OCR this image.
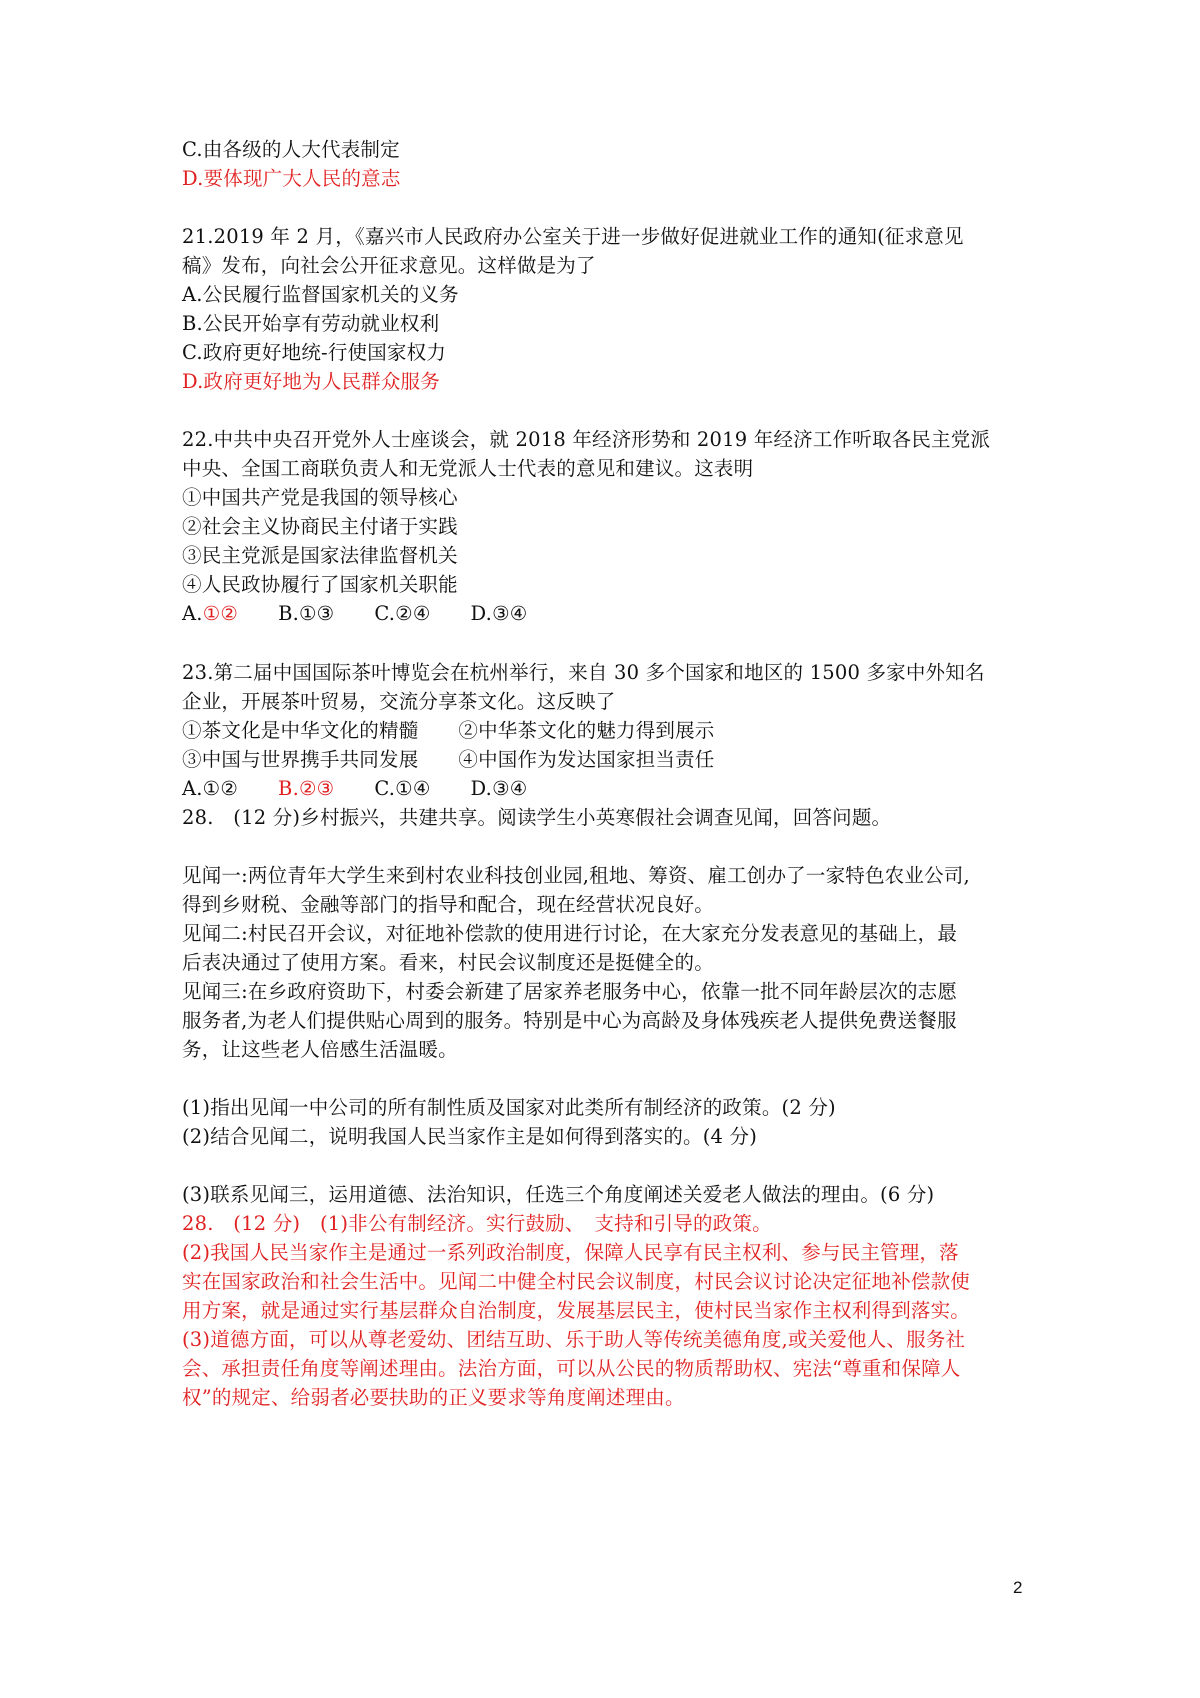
C.由各级的人大代表制定
D.要体现广大人民的意志
21.2019 年 2 月，《嘉兴市人民政府办公室关于进一步做好促进就业工作的通知(征求意见
稿》发布，向社会公开征求意见。这样做是为了
A.公民履行监督国家机关的义务
B.公民开始享有劳动就业权利
C.政府更好地统-行使国家权力
D.政府更好地为人民群众服务
22.中共中央召开党外人士座谈会，就 2018 年经济形势和 2019 年经济工作听取各民主党派
中央、全国工商联负责人和无党派人士代表的意见和建议。这表明
①中国共产党是我国的领导核心
②社会主义协商民主付诸于实践
③民主党派是国家法律监督机关
④人民政协履行了国家机关职能
A.①② B.①③ C.②④ D.③④
23.第二届中国国际茶叶博览会在杭州举行，来自 30 多个国家和地区的 1500 多家中外知名
企业，开展茶叶贸易，交流分享茶文化。这反映了
①茶文化是中华文化的精髓 ②中华茶文化的魅力得到展示
③中国与世界携手共同发展 ④中国作为发达国家担当责任
A.①② B.②③ C.①④ D.③④
28.　(12 分)乡村振兴，共建共享。阅读学生小英寒假社会调查见闻，回答问题。
见闻一:两位青年大学生来到村农业科技创业园,租地、筹资、雇工创办了一家特色农业公司,
得到乡财税、金融等部门的指导和配合，现在经营状况良好。
见闻二:村民召开会议，对征地补偿款的使用进行讨论，在大家充分发表意见的基础上，最
后表决通过了使用方案。看来，村民会议制度还是挺健全的。
见闻三:在乡政府资助下，村委会新建了居家养老服务中心，依靠一批不同年龄层次的志愿
服务者,为老人们提供贴心周到的服务。特别是中心为高龄及身体残疾老人提供免费送餐服
务，让这些老人倍感生活温暖。
(1)指出见闻一中公司的所有制性质及国家对此类所有制经济的政策。(2 分)
(2)结合见闻二，说明我国人民当家作主是如何得到落实的。(4 分)
(3)联系见闻三，运用道德、法治知识，任选三个角度阐述关爱老人做法的理由。(6 分)
28.　(12 分)　(1)非公有制经济。实行鼓励、　支持和引导的政策。
(2)我国人民当家作主是通过一系列政治制度，保障人民享有民主权利、参与民主管理，落
实在国家政治和社会生活中。见闻二中健全村民会议制度，村民会议讨论决定征地补偿款使
用方案，就是通过实行基层群众自治制度，发展基层民主，使村民当家作主权利得到落实。
(3)道德方面，可以从尊老爱幼、团结互助、乐于助人等传统美德角度,或关爱他人、服务社
会、承担责任角度等阐述理由。法治方面，可以从公民的物质帮助权、宪法“尊重和保障人
权”的规定、给弱者必要扶助的正义要求等角度阐述理由。
2
